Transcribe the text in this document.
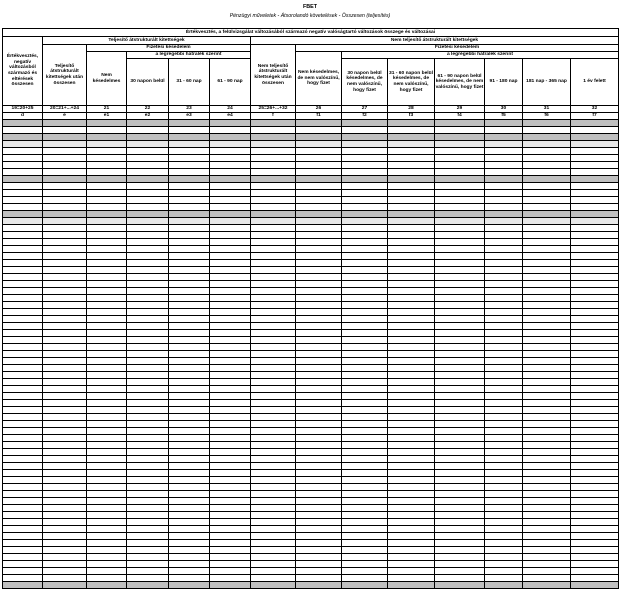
FBET
Pénzügyi műveletek - Átsorolandó követelések - Összesen (teljesítés)
Értékvesztés, a felülvizsgálat változásából származó negatív valóságtartó változások összege és változásai													
Értékvesztés, negatív változásból származó és eltérések összesen	Teljesítő átstrukturált kitettségek					Nem teljesítő átstrukturált kitettségek							
	Teljesítő átstrukturált kitettségek után összesen	Fizetési késedelem				Nem teljesítő átstrukturált kitettségek után összesen	Fizetési késedelem						
		Nem késedelmes	a legrégebbi hátralék szerint				Nem késedelmes, de nem valószínű, hogy fizet	a legrégebbi hátralék szerint					
			30 napon belül	31 - 60 nap	61 - 90 nap			30 napon belül késedelmes, de nem valószínű, hogy fizet	31 - 60 napon belül késedelmes, de nem valószínű, hogy fizet	61 - 90 napon belül késedelmes, de nem valószínű, hogy fizet	91 - 180 nap	181 nap - 365 nap	1 év felett
19=20+25	20=21+...+24	21	22	23	24	25=26+...+32	26	27	28	29	30	31	32
d	e	e1	e2	e3	e4	f	f1	f2	f3	f4	f5	f6	f7
